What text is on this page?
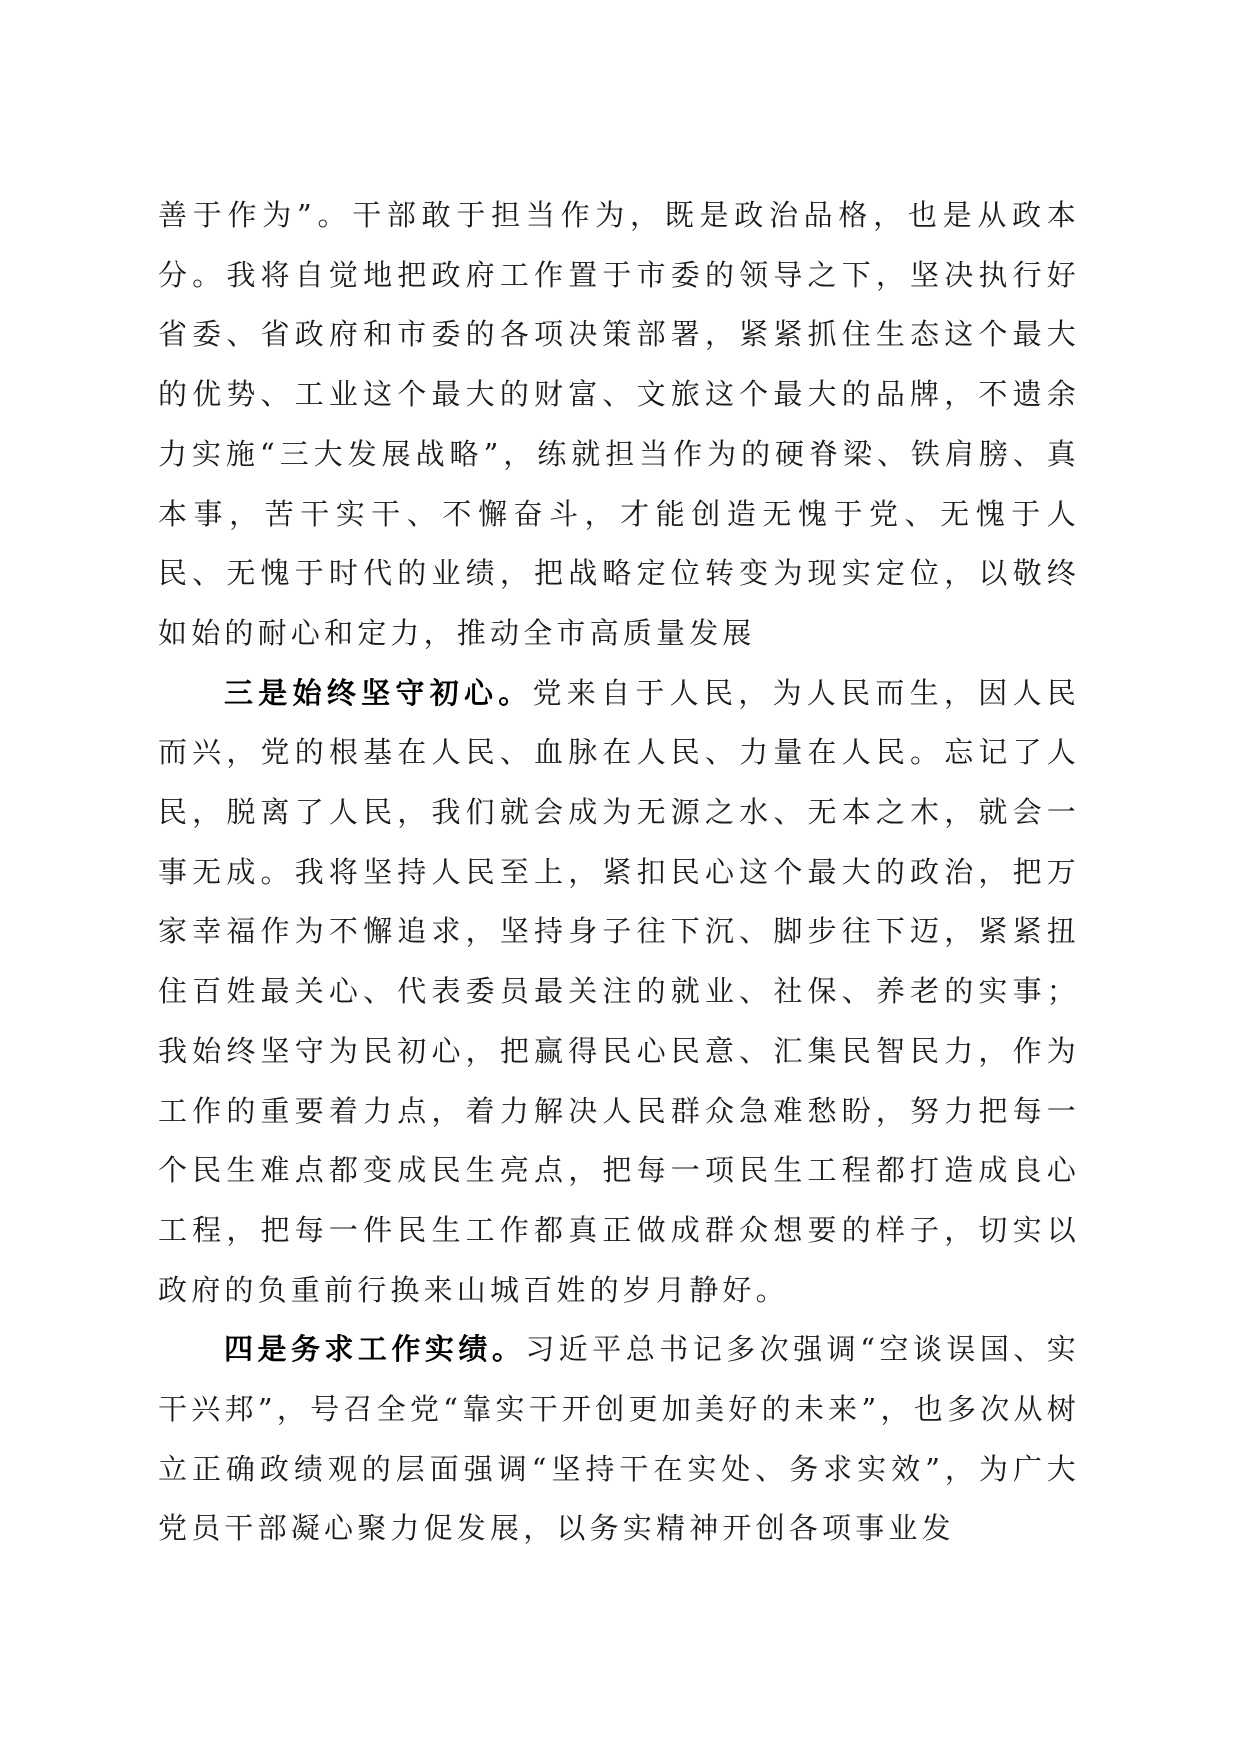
善于作为”。干部敢于担当作为，既是政治品格，也是从政本分。我将自觉地把政府工作置于市委的领导之下，坚决执行好省委、省政府和市委的各项决策部署，紧紧抓住生态这个最大的优势、工业这个最大的财富、文旅这个最大的品牌，不遗余力实施“三大发展战略”，练就担当作为的硬脊梁、铁肩膀、真本事，苦干实干、不懈奋斗，才能创造无愧于党、无愧于人民、无愧于时代的业绩，把战略定位转变为现实定位，以敬终如始的耐心和定力，推动全市高质量发展

三是始终坚守初心。党来自于人民，为人民而生，因人民而兴，党的根基在人民、血脉在人民、力量在人民。忘记了人民，脱离了人民，我们就会成为无源之水、无本之木，就会一事无成。我将坚持人民至上，紧扣民心这个最大的政治，把万家幸福作为不懈追求，坚持身子往下沉、脚步往下迈，紧紧扭住百姓最关心、代表委员最关注的就业、社保、养老的实事；我始终坚守为民初心，把赢得民心民意、汇集民智民力，作为工作的重要着力点，着力解决人民群众急难愁盼，努力把每一个民生难点都变成民生亮点，把每一项民生工程都打造成良心工程，把每一件民生工作都真正做成群众想要的样子，切实以政府的负重前行换来山城百姓的岁月静好。

四是务求工作实绩。习近平总书记多次强调“空谈误国、实干兴邦”，号召全党“靠实干开创更加美好的未来”，也多次从树立正确政绩观的层面强调“坚持干在实处、务求实效”，为广大党员干部凝心聚力促发展，以务实精神开创各项事业发
